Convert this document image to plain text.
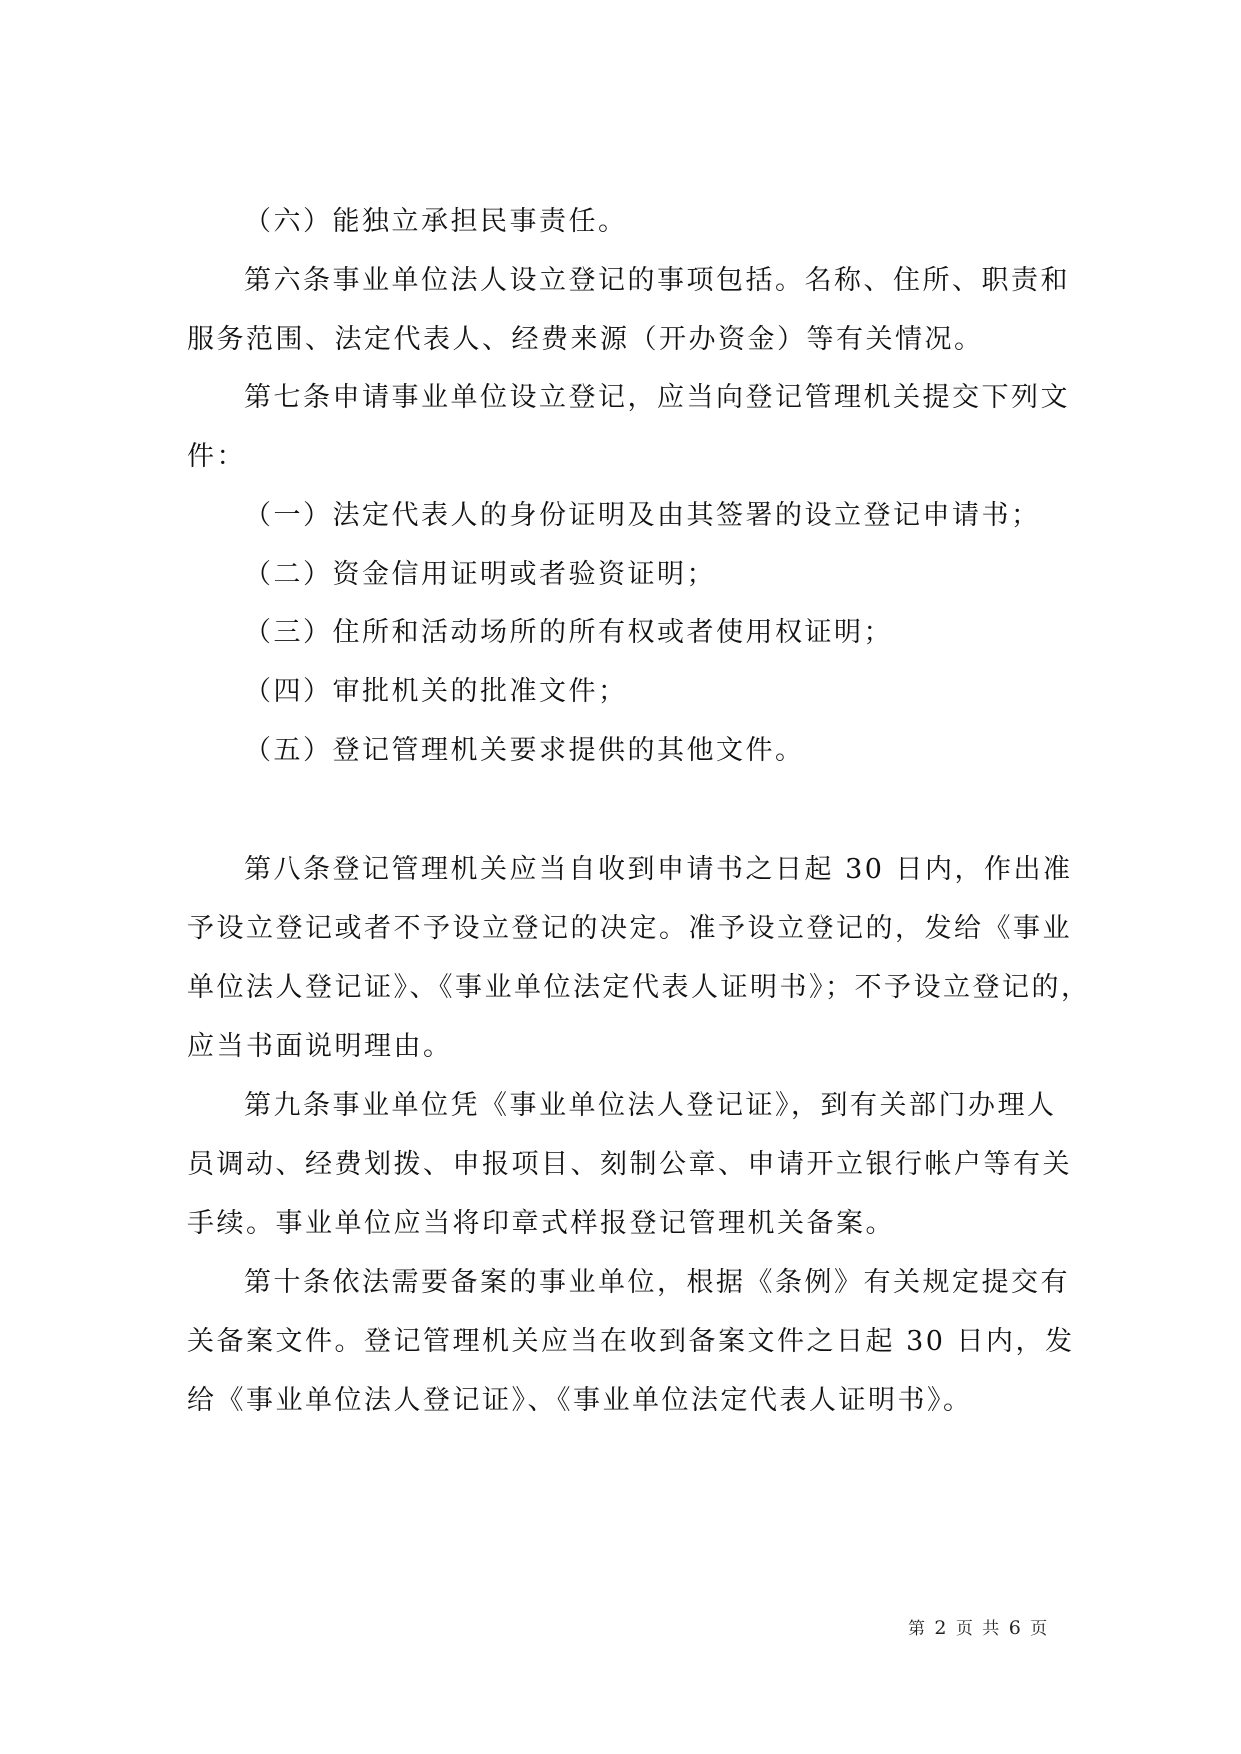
（六）能独立承担民事责任。
第六条事业单位法人设立登记的事项包括。名称、住所、职责和
服务范围、法定代表人、经费来源（开办资金）等有关情况。
第七条申请事业单位设立登记，应当向登记管理机关提交下列文
件：
（一）法定代表人的身份证明及由其签署的设立登记申请书；
（二）资金信用证明或者验资证明；
（三）住所和活动场所的所有权或者使用权证明；
（四）审批机关的批准文件；
（五）登记管理机关要求提供的其他文件。
第八条登记管理机关应当自收到申请书之日起 30 日内，作出准
予设立登记或者不予设立登记的决定。准予设立登记的，发给《事业
单位法人登记证》、《事业单位法定代表人证明书》；不予设立登记的，
应当书面说明理由。
第九条事业单位凭《事业单位法人登记证》，到有关部门办理人
员调动、经费划拨、申报项目、刻制公章、申请开立银行帐户等有关
手续。事业单位应当将印章式样报登记管理机关备案。
第十条依法需要备案的事业单位，根据《条例》有关规定提交有
关备案文件。登记管理机关应当在收到备案文件之日起 30 日内，发
给《事业单位法人登记证》、《事业单位法定代表人证明书》。
第 2 页 共 6 页
